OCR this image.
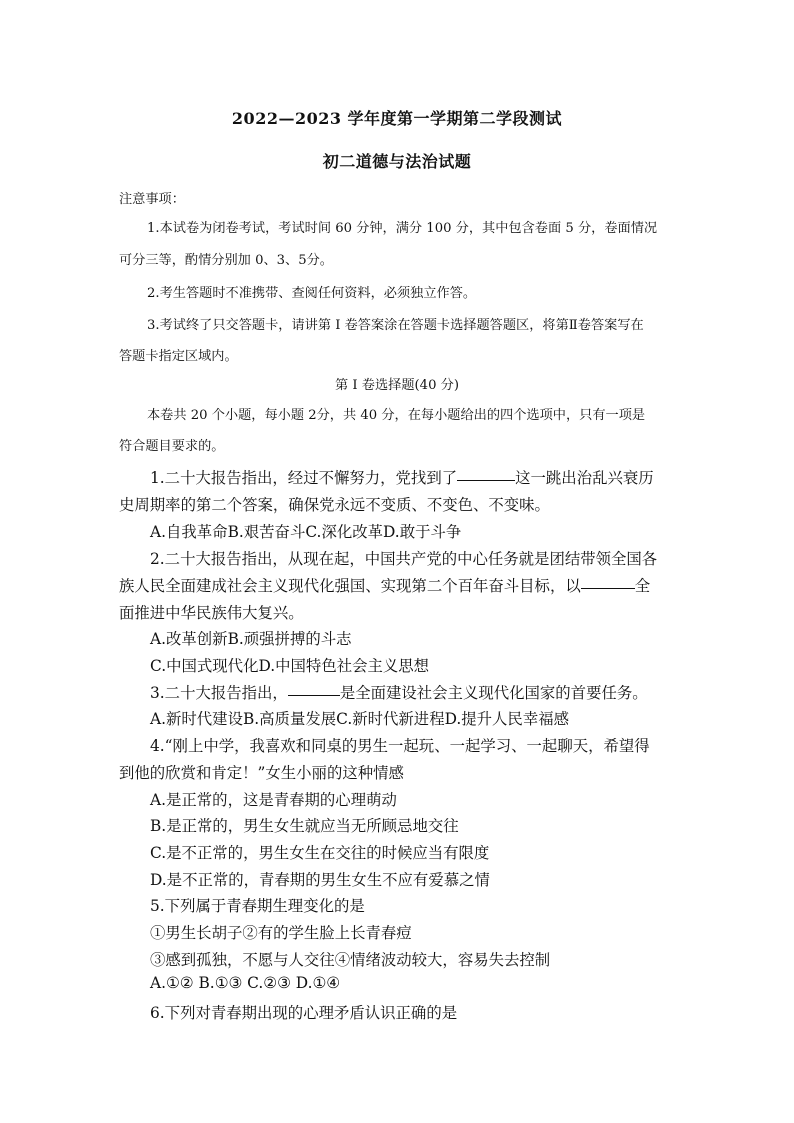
2022—2023 学年度第一学期第二学段测试
初二道德与法治试题
注意事项：
1.本试卷为闭卷考试，考试时间 60 分钟，满分 100 分，其中包含卷面 5 分，卷面情况
可分三等，酌情分别加 0、3、5分。
2.考生答题时不准携带、查阅任何资料，必须独立作答。
3.考试终了只交答题卡，请讲第 I 卷答案涂在答题卡选择题答题区，将第Ⅱ卷答案写在
答题卡指定区域内。
第 I 卷选择题(40 分)
本卷共 20 个小题，每小题 2分，共 40 分，在每小题给出的四个选项中，只有一项是
符合题目要求的。
1.二十大报告指出，经过不懈努力，党找到了	这一跳出治乱兴衰历
史周期率的第二个答案，确保党永远不变质、不变色、不变味。
A.自我革命B.艰苦奋斗C.深化改革D.敢于斗争
2.二十大报告指出，从现在起，中国共产党的中心任务就是团结带领全国各
族人民全面建成社会主义现代化强国、实现第二个百年奋斗目标，以	全
面推进中华民族伟大复兴。
A.改革创新B.顽强拼搏的斗志
C.中国式现代化D.中国特色社会主义思想
3.二十大报告指出，	是全面建设社会主义现代化国家的首要任务。
A.新时代建设B.高质量发展C.新时代新进程D.提升人民幸福感
4.“刚上中学，我喜欢和同桌的男生一起玩、一起学习、一起聊天，希望得
到他的欣赏和肯定！”女生小丽的这种情感
A.是正常的，这是青春期的心理萌动
B.是正常的，男生女生就应当无所顾忌地交往
C.是不正常的，男生女生在交往的时候应当有限度
D.是不正常的，青春期的男生女生不应有爱慕之情
5.下列属于青春期生理变化的是
①男生长胡子②有的学生脸上长青春痘
③感到孤独，不愿与人交往④情绪波动较大，容易失去控制
A.①② B.①③ C.②③ D.①④
6.下列对青春期出现的心理矛盾认识正确的是
